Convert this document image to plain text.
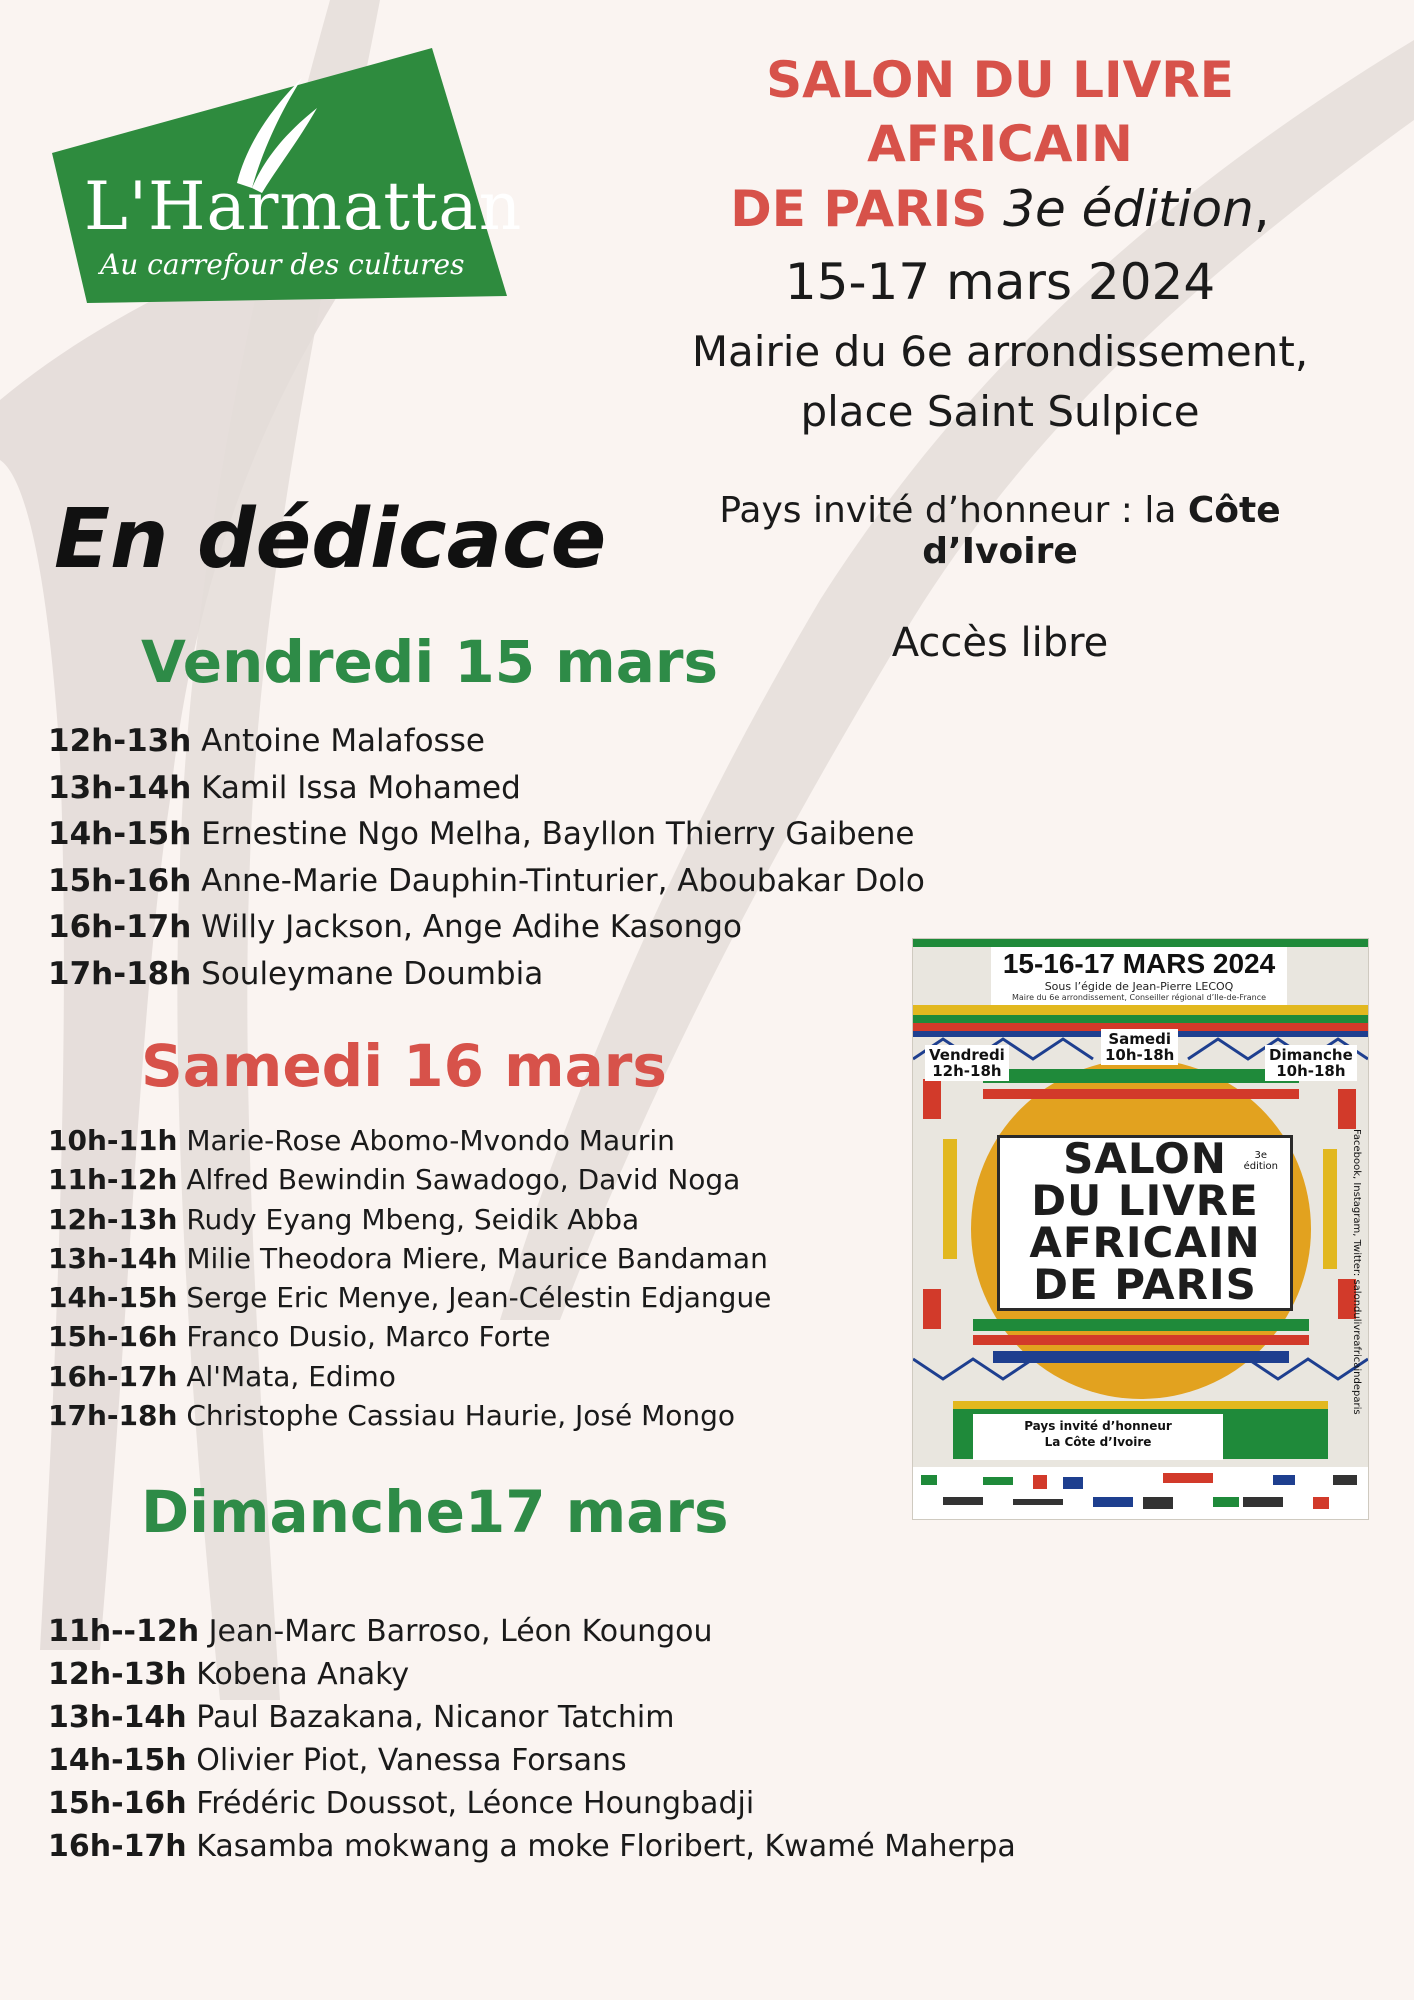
L'Harmattan
Au carrefour des cultures
SALON DU LIVRE AFRICAIN
DE PARIS 3e édition,
15-17 mars 2024
Mairie du 6e arrondissement,
place Saint Sulpice
Pays invité d’honneur : la Côte d’Ivoire
Accès libre
En dédicace
Vendredi 15 mars
12h-13h Antoine Malafosse
13h-14h Kamil Issa Mohamed
14h-15h Ernestine Ngo Melha, Bayllon Thierry Gaibene
15h-16h Anne-Marie Dauphin-Tinturier, Aboubakar Dolo
16h-17h Willy Jackson, Ange Adihe Kasongo
17h-18h Souleymane Doumbia
Samedi 16 mars
10h-11h Marie-Rose Abomo-Mvondo Maurin
11h-12h Alfred Bewindin Sawadogo, David Noga
12h-13h Rudy Eyang Mbeng, Seidik Abba
13h-14h Milie Theodora Miere, Maurice Bandaman
14h-15h Serge Eric Menye, Jean-Célestin Edjangue
15h-16h Franco Dusio, Marco Forte
16h-17h Al'Mata, Edimo
17h-18h Christophe Cassiau Haurie, José Mongo
Dimanche17 mars
11h--12h Jean-Marc Barroso, Léon Koungou
12h-13h Kobena Anaky
13h-14h Paul Bazakana, Nicanor Tatchim
14h-15h Olivier Piot, Vanessa Forsans
15h-16h Frédéric Doussot, Léonce Houngbadji
16h-17h Kasamba mokwang a moke Floribert, Kwamé Maherpa
15-16-17 MARS 2024
Sous l’égide de Jean-Pierre LECOQ
Maire du 6e arrondissement, Conseiller régional d’Ile-de-France
Vendredi
12h-18h
Samedi
10h-18h	Dimanche
10h-18h
3e
édition
SALON
DU LIVRE
AFRICAIN
DE PARIS	Facebook, Instagram, Twitter: salondulivreafricaindeparis
Pays invité d’honneur
La Côte d’Ivoire
